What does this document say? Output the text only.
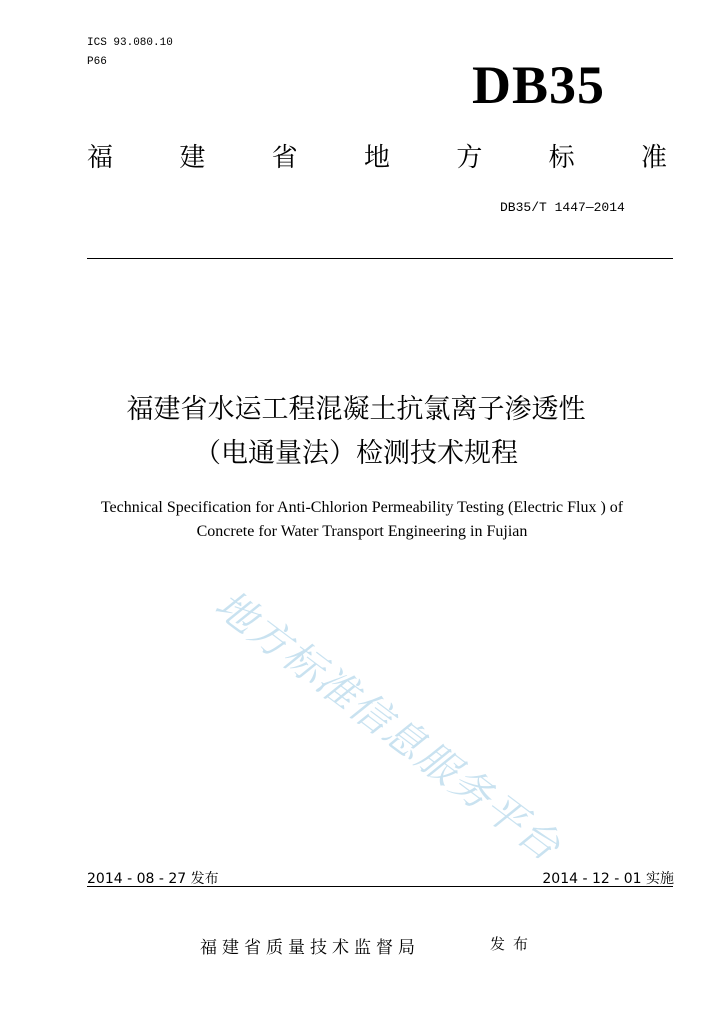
ICS 93.080.10
P66	DB35
福	建	省	地	方	标	准
DB35/T 1447—2014
福建省水运工程混凝土抗氯离子渗透性
（电通量法）检测技术规程
Technical Specification for Anti-Chlorion Permeability Testing (Electric Flux ) of
Concrete for Water Transport Engineering in Fujian
地方标准信息服务平台
2014 - 08 - 27 发布	2014 - 12 - 01 实施
福建省质量技术监督局	发布
